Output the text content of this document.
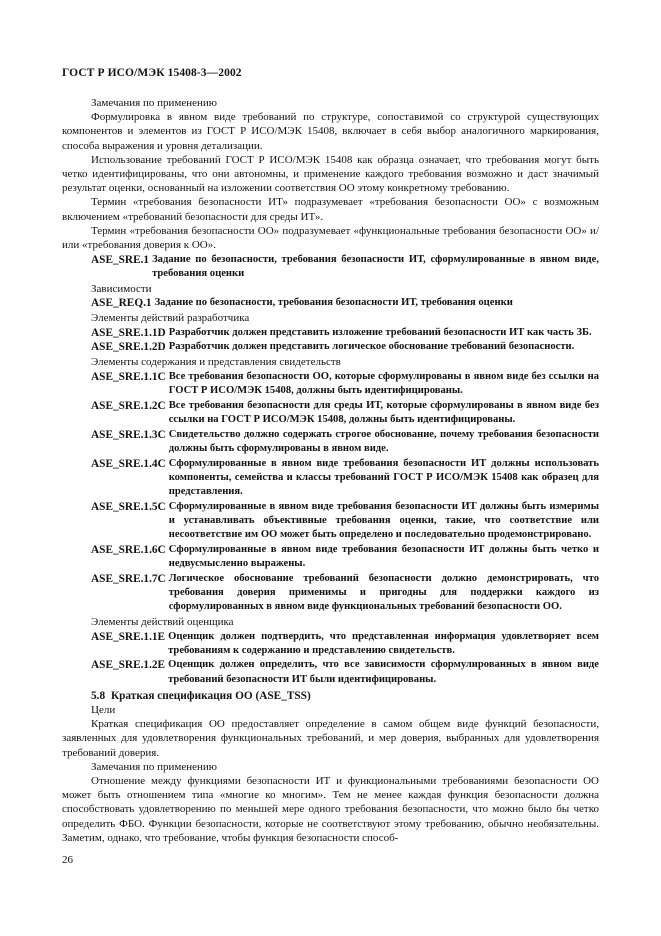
ГОСТ Р ИСО/МЭК 15408-3—2002

Замечания по применению

Формулировка в явном виде требований по структуре, сопоставимой со структурой существующих компонентов и элементов из ГОСТ Р ИСО/МЭК 15408, включает в себя выбор аналогичного маркирования, способа выражения и уровня детализации.

Использование требований ГОСТ Р ИСО/МЭК 15408 как образца означает, что требования могут быть четко идентифицированы, что они автономны, и применение каждого требования возможно и даст значимый результат оценки, основанный на изложении соответствия ОО этому конкретному требованию.

Термин «требования безопасности ИТ» подразумевает «требования безопасности ОО» с возможным включением «требований безопасности для среды ИТ».

Термин «требования безопасности ОО» подразумевает «функциональные требования безопасности ОО» и/или «требования доверия к ОО».

ASE_SRE.1 Задание по безопасности, требования безопасности ИТ, сформулированные в явном виде, требования оценки

Зависимости

ASE_REQ.1 Задание по безопасности, требования безопасности ИТ, требования оценки

Элементы действий разработчика

ASE_SRE.1.1D Разработчик должен представить изложение требований безопасности ИТ как часть ЗБ.
ASE_SRE.1.2D Разработчик должен представить логическое обоснование требований безопасности.

Элементы содержания и представления свидетельств

ASE_SRE.1.1C Все требования безопасности ОО, которые сформулированы в явном виде без ссылки на ГОСТ Р ИСО/МЭК 15408, должны быть идентифицированы.
ASE_SRE.1.2C Все требования безопасности для среды ИТ, которые сформулированы в явном виде без ссылки на ГОСТ Р ИСО/МЭК 15408, должны быть идентифицированы.
ASE_SRE.1.3C Свидетельство должно содержать строгое обоснование, почему требования безопасности должны быть сформулированы в явном виде.
ASE_SRE.1.4C Сформулированные в явном виде требования безопасности ИТ должны использовать компоненты, семейства и классы требований ГОСТ Р ИСО/МЭК 15408 как образец для представления.
ASE_SRE.1.5C Сформулированные в явном виде требования безопасности ИТ должны быть измеримы и устанавливать объективные требования оценки, такие, что соответствие или несоответствие им ОО может быть определено и последовательно продемонстрировано.
ASE_SRE.1.6C Сформулированные в явном виде требования безопасности ИТ должны быть четко и недвусмысленно выражены.
ASE_SRE.1.7C Логическое обоснование требований безопасности должно демонстрировать, что требования доверия применимы и пригодны для поддержки каждого из сформулированных в явном виде функциональных требований безопасности ОО.

Элементы действий оценщика

ASE_SRE.1.1E Оценщик должен подтвердить, что представленная информация удовлетворяет всем требованиям к содержанию и представлению свидетельств.
ASE_SRE.1.2E Оценщик должен определить, что все зависимости сформулированных в явном виде требований безопасности ИТ были идентифицированы.
5.8 Краткая спецификация ОО (ASE_TSS)

Цели

Краткая спецификация ОО предоставляет определение в самом общем виде функций безопасности, заявленных для удовлетворения функциональных требований, и мер доверия, выбранных для удовлетворения требований доверия.

Замечания по применению

Отношение между функциями безопасности ИТ и функциональными требованиями безопасности ОО может быть отношением типа «многие ко многим». Тем не менее каждая функция безопасности должна способствовать удовлетворению по меньшей мере одного требования безопасности, что можно было бы четко определить ФБО. Функции безопасности, которые не соответствуют этому требованию, обычно необязательны. Заметим, однако, что требование, чтобы функция безопасности способ-

26
